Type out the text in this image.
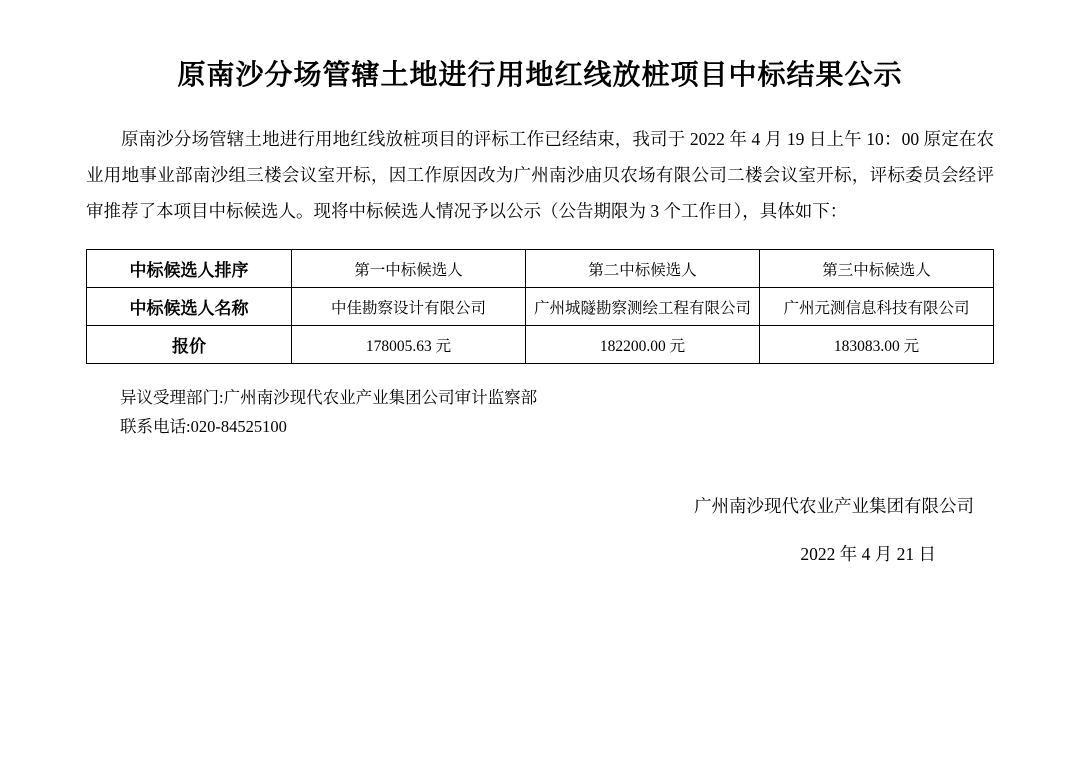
原南沙分场管辖土地进行用地红线放桩项目中标结果公示

原南沙分场管辖土地进行用地红线放桩项目的评标工作已经结束，我司于 2022 年 4 月 19 日上午 10：00 原定在农业用地事业部南沙组三楼会议室开标，因工作原因改为广州南沙庙贝农场有限公司二楼会议室开标，评标委员会经评审推荐了本项目中标候选人。现将中标候选人情况予以公示（公告期限为 3 个工作日），具体如下：

中标候选人排序	第一中标候选人	第二中标候选人	第三中标候选人
中标候选人名称	中佳勘察设计有限公司	广州城隧勘察测绘工程有限公司	广州元测信息科技有限公司
报价	178005.63 元	182200.00 元	183083.00 元
异议受理部门:广州南沙现代农业产业集团公司审计监察部
联系电话:020-84525100
广州南沙现代农业产业集团有限公司
2022 年 4 月 21 日
